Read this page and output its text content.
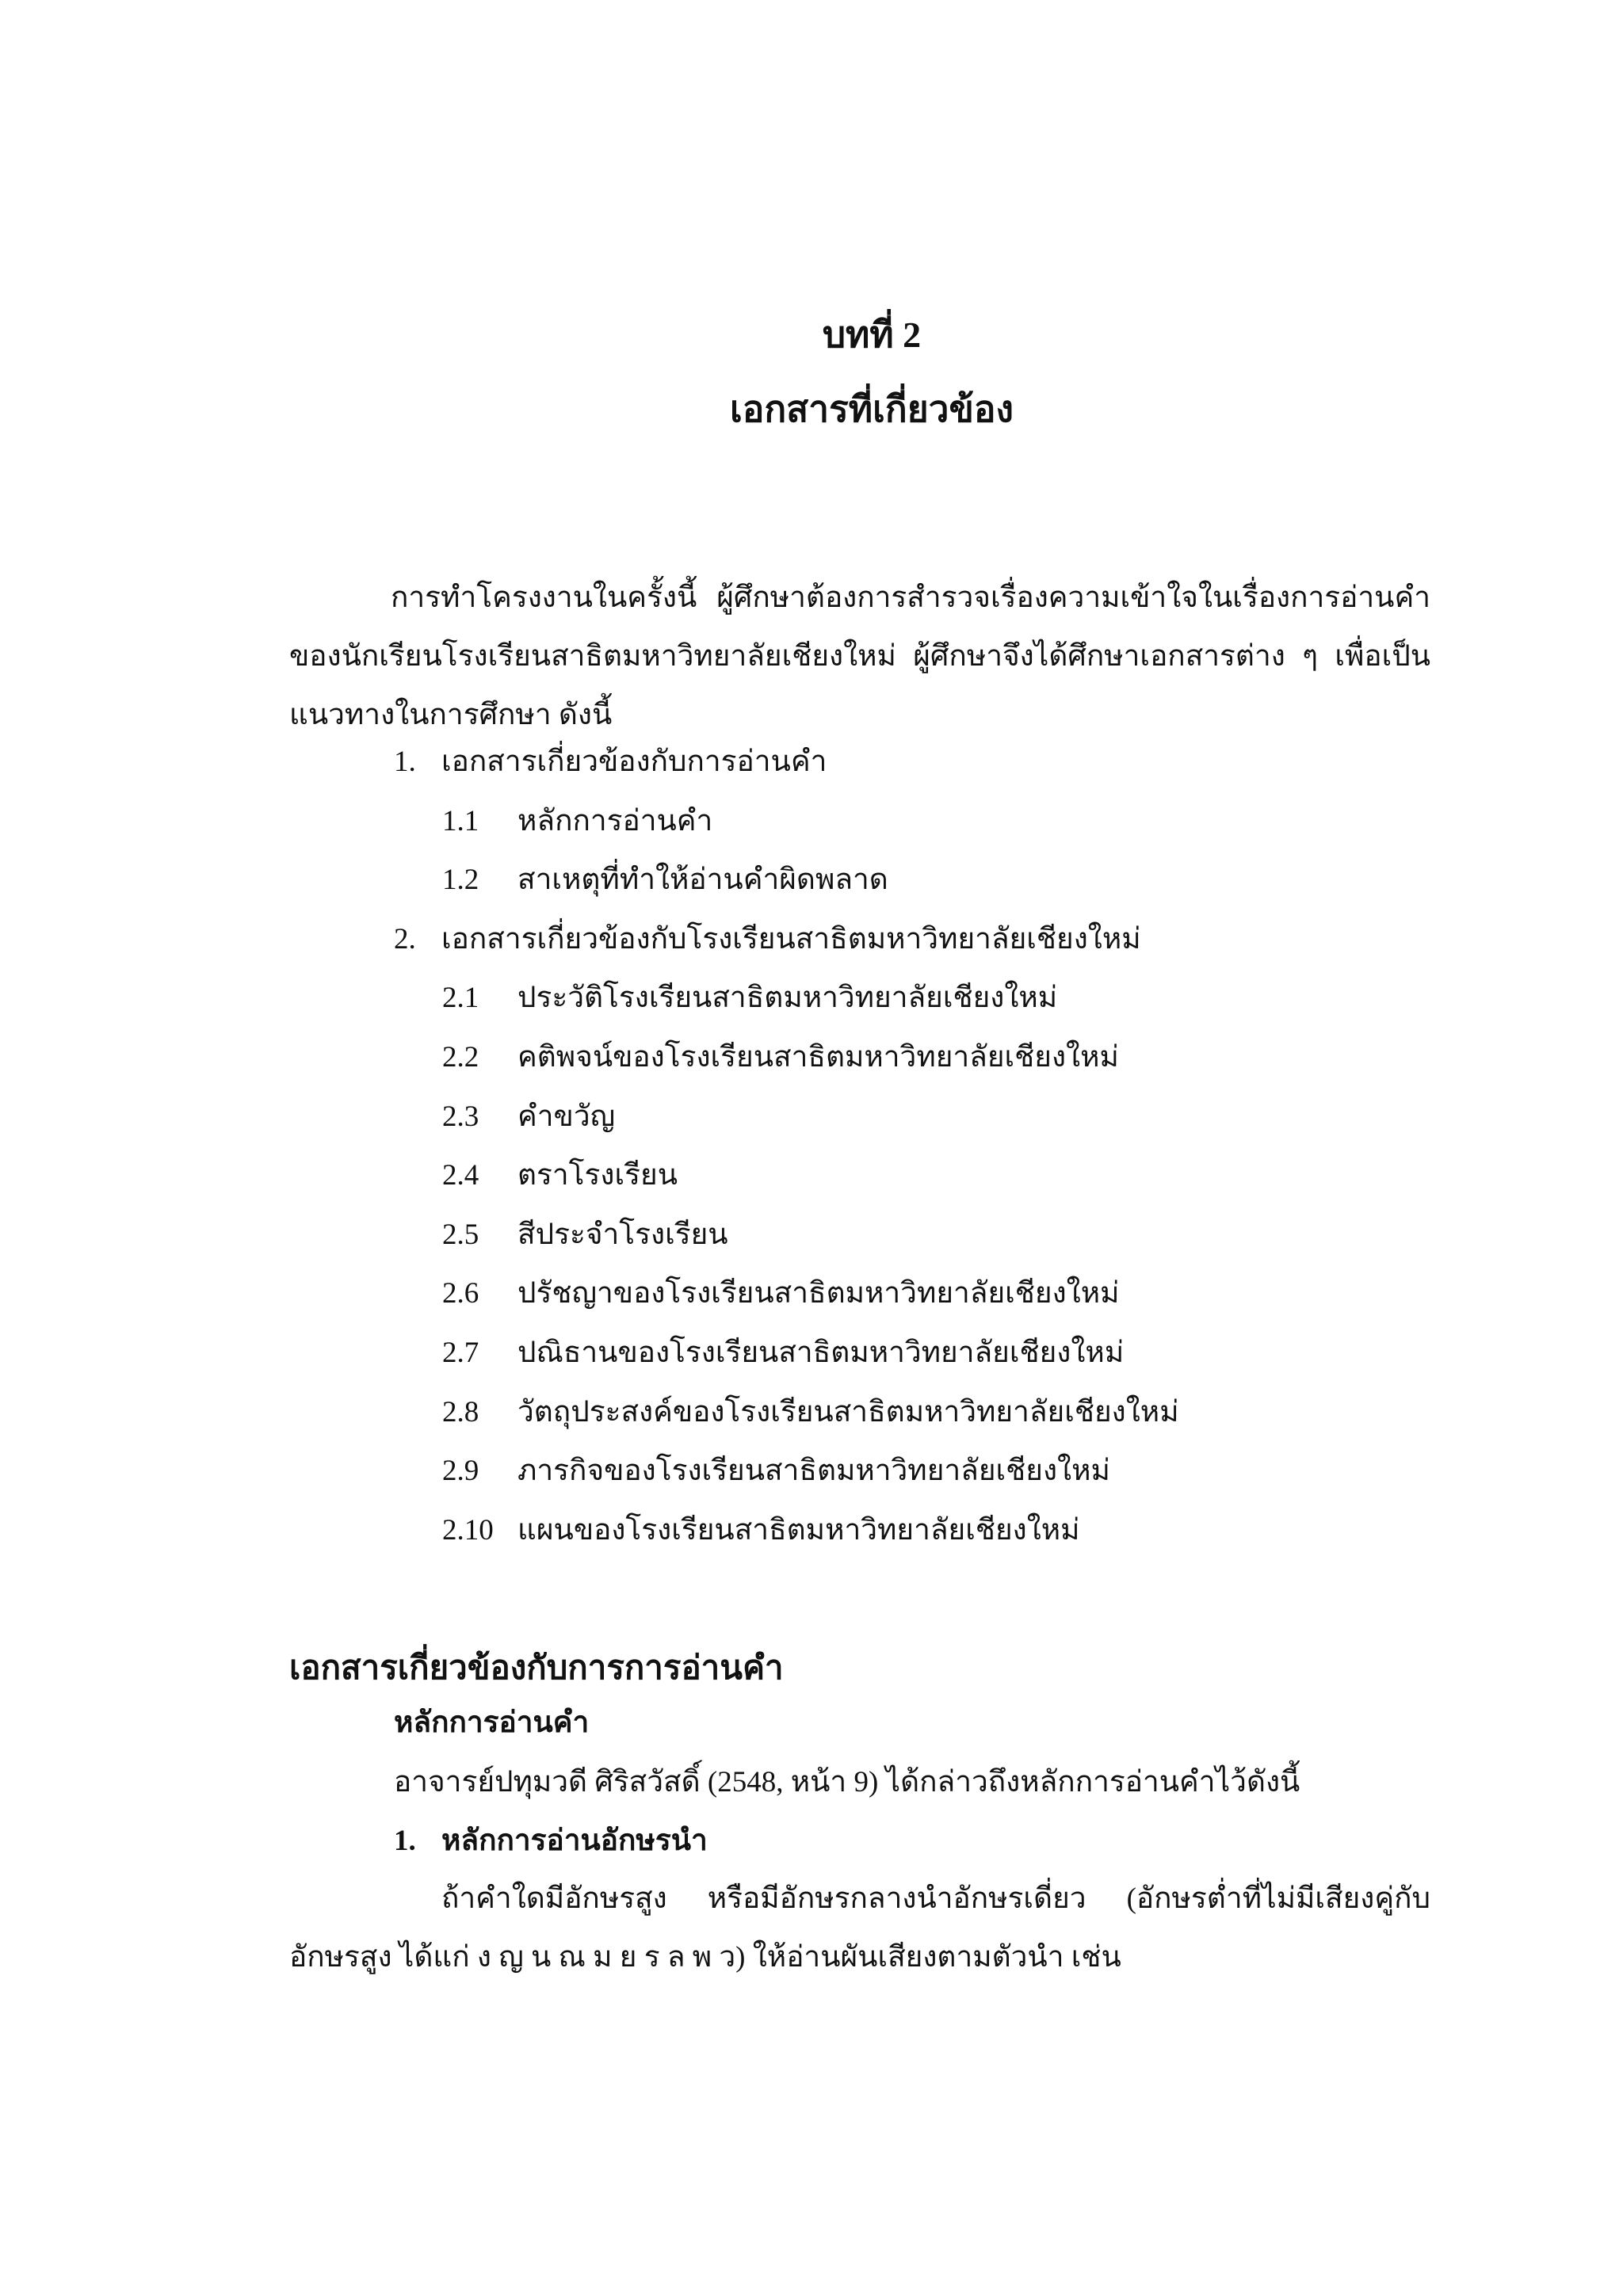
บทที่ 2
เอกสารที่เกี่ยวข้อง

การทำโครงงานในครั้งนี้ ผู้ศึกษาต้องการสำรวจเรื่องความเข้าใจในเรื่องการอ่านคำของนักเรียนโรงเรียนสาธิตมหาวิทยาลัยเชียงใหม่ ผู้ศึกษาจึงได้ศึกษาเอกสารต่าง ๆ เพื่อเป็นแนวทางในการศึกษา ดังนี้

1. เอกสารเกี่ยวข้องกับการอ่านคำ
1.1 หลักการอ่านคำ
1.2 สาเหตุที่ทำให้อ่านคำผิดพลาด
2. เอกสารเกี่ยวข้องกับโรงเรียนสาธิตมหาวิทยาลัยเชียงใหม่
2.1 ประวัติโรงเรียนสาธิตมหาวิทยาลัยเชียงใหม่
2.2 คติพจน์ของโรงเรียนสาธิตมหาวิทยาลัยเชียงใหม่
2.3 คำขวัญ
2.4 ตราโรงเรียน
2.5 สีประจำโรงเรียน
2.6 ปรัชญาของโรงเรียนสาธิตมหาวิทยาลัยเชียงใหม่
2.7 ปณิธานของโรงเรียนสาธิตมหาวิทยาลัยเชียงใหม่
2.8 วัตถุประสงค์ของโรงเรียนสาธิตมหาวิทยาลัยเชียงใหม่
2.9 ภารกิจของโรงเรียนสาธิตมหาวิทยาลัยเชียงใหม่
2.10 แผนของโรงเรียนสาธิตมหาวิทยาลัยเชียงใหม่
เอกสารเกี่ยวข้องกับการการอ่านคำ
หลักการอ่านคำ
อาจารย์ปทุมวดี ศิริสวัสดิ์ (2548, หน้า 9) ได้กล่าวถึงหลักการอ่านคำไว้ดังนี้
1. หลักการอ่านอักษรนำ

ถ้าคำใดมีอักษรสูง หรือมีอักษรกลางนำอักษรเดี่ยว (อักษรต่ำที่ไม่มีเสียงคู่กับอักษรสูง ได้แก่ ง ญ น ณ ม ย ร ล พ ว) ให้อ่านผันเสียงตามตัวนำ เช่น
